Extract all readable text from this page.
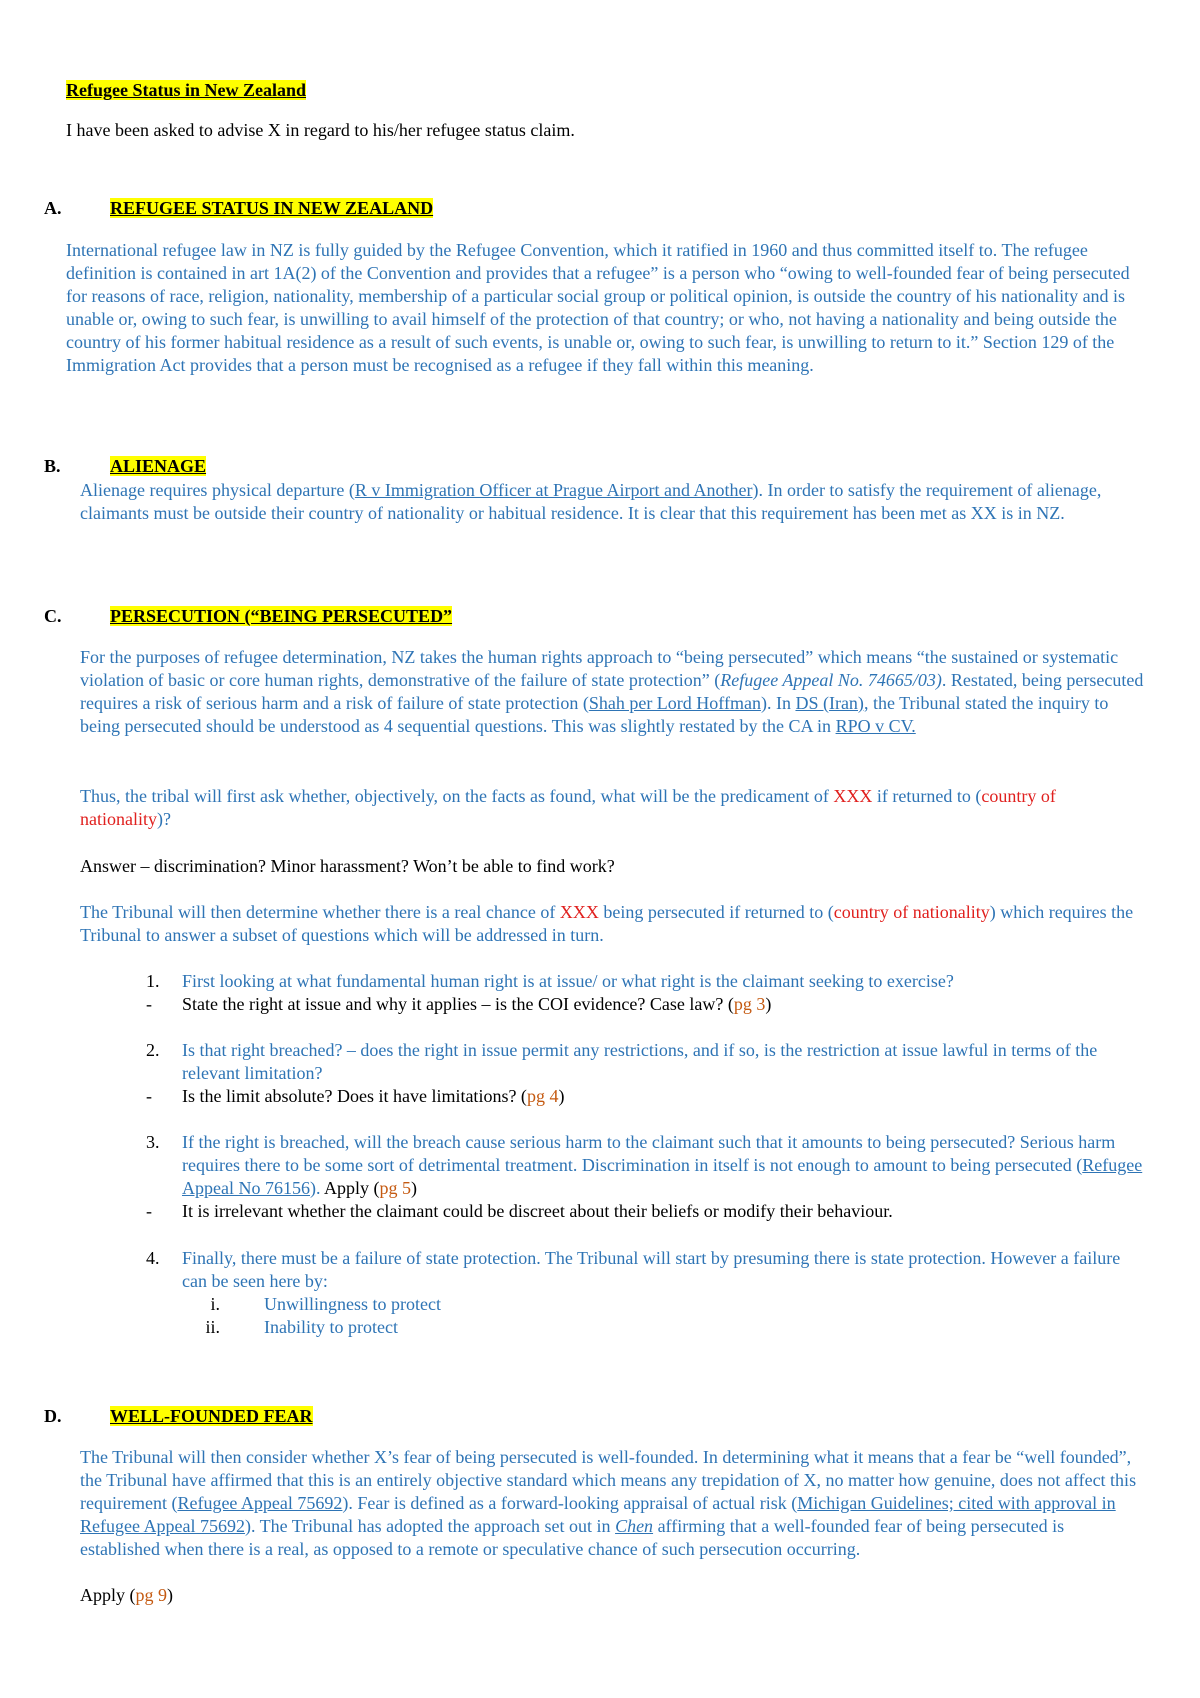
Refugee Status in New Zealand

I have been asked to advise X in regard to his/her refugee status claim.

A.	REFUGEE STATUS IN NEW ZEALAND

International refugee law in NZ is fully guided by the Refugee Convention, which it ratified in 1960 and thus committed itself to. The refugee definition is contained in art 1A(2) of the Convention and provides that a refugee” is a person who “owing to well-founded fear of being persecuted for reasons of race, religion, nationality, membership of a particular social group or political opinion, is outside the country of his nationality and is unable or, owing to such fear, is unwilling to avail himself of the protection of that country; or who, not having a nationality and being outside the country of his former habitual residence as a result of such events, is unable or, owing to such fear, is unwilling to return to it.” Section 129 of the Immigration Act provides that a person must be recognised as a refugee if they fall within this meaning.

B.	ALIENAGE

Alienage requires physical departure (R v Immigration Officer at Prague Airport and Another). In order to satisfy the requirement of alienage, claimants must be outside their country of nationality or habitual residence. It is clear that this requirement has been met as XX is in NZ.

C.	PERSECUTION (“BEING PERSECUTED”

For the purposes of refugee determination, NZ takes the human rights approach to “being persecuted” which means “the sustained or systematic violation of basic or core human rights, demonstrative of the failure of state protection” (Refugee Appeal No. 74665/03). Restated, being persecuted requires a risk of serious harm and a risk of failure of state protection (Shah per Lord Hoffman). In DS (Iran), the Tribunal stated the inquiry to being persecuted should be understood as 4 sequential questions. This was slightly restated by the CA in RPO v CV.

Thus, the tribal will first ask whether, objectively, on the facts as found, what will be the predicament of XXX if returned to (country of nationality)?

Answer – discrimination? Minor harassment? Won’t be able to find work?

The Tribunal will then determine whether there is a real chance of XXX being persecuted if returned to (country of nationality) which requires the Tribunal to answer a subset of questions which will be addressed in turn.

1. First looking at what fundamental human right is at issue/ or what right is the claimant seeking to exercise?

- State the right at issue and why it applies – is the COI evidence? Case law? (pg 3)

2. Is that right breached? – does the right in issue permit any restrictions, and if so, is the restriction at issue lawful in terms of the relevant limitation?

- Is the limit absolute? Does it have limitations? (pg 4)

3. If the right is breached, will the breach cause serious harm to the claimant such that it amounts to being persecuted? Serious harm requires there to be some sort of detrimental treatment. Discrimination in itself is not enough to amount to being persecuted (Refugee Appeal No 76156). Apply (pg 5)

- It is irrelevant whether the claimant could be discreet about their beliefs or modify their behaviour.

4. Finally, there must be a failure of state protection. The Tribunal will start by presuming there is state protection. However a failure can be seen here by:

i. Unwillingness to protect

ii. Inability to protect

D.	WELL-FOUNDED FEAR

The Tribunal will then consider whether X’s fear of being persecuted is well-founded. In determining what it means that a fear be “well founded”, the Tribunal have affirmed that this is an entirely objective standard which means any trepidation of X, no matter how genuine, does not affect this requirement (Refugee Appeal 75692). Fear is defined as a forward-looking appraisal of actual risk (Michigan Guidelines; cited with approval in Refugee Appeal 75692). The Tribunal has adopted the approach set out in Chen affirming that a well-founded fear of being persecuted is established when there is a real, as opposed to a remote or speculative chance of such persecution occurring.

Apply (pg 9)
